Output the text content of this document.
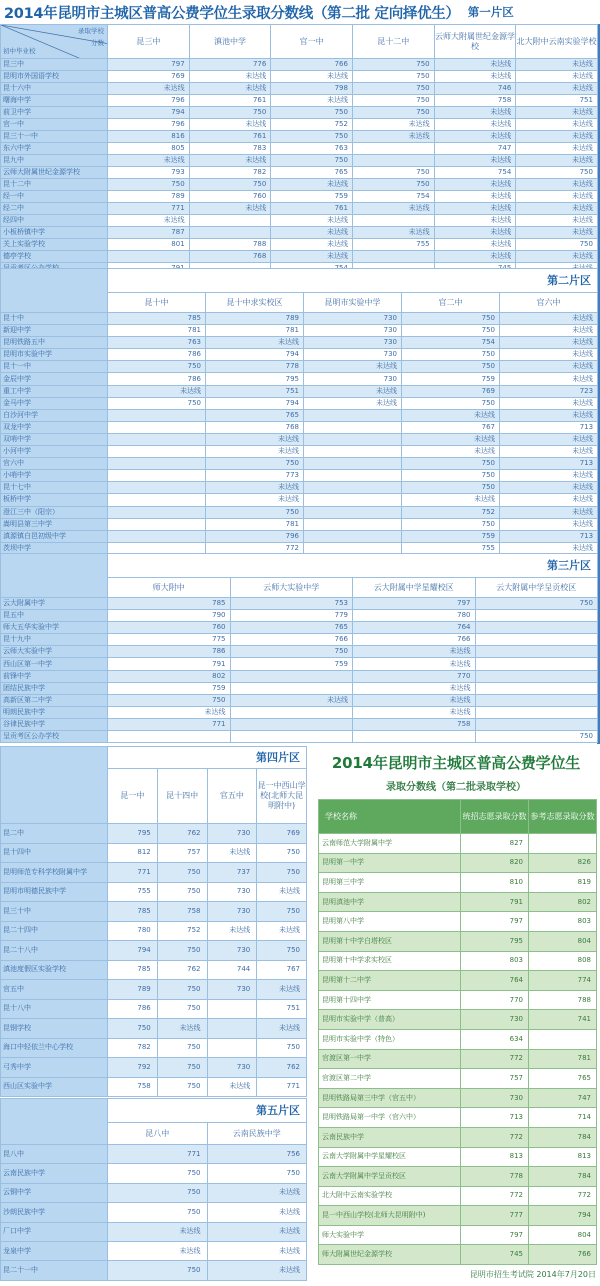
2014年昆明市主城区普高公费学位生录取分数线（第二批 定向择优生） 第一片区
录取学校
分数
初中毕业校	昆三中	滇池中学	官一中	昆十二中	云师大附属世纪金源学校	北大附中云南实验学校
昆三中	797	776	766	750	未达线	未达线
昆明市外国语学校	769	未达线	未达线	750	未达线	未达线
昆十六中	未达线	未达线	798	750	746	未达线
曙海中学	796	761	未达线	750	758	751
前卫中学	794	750	750	750	未达线	未达线
官一中	796	未达线	752	未达线	未达线	未达线
昆三十一中	816	761	750	未达线	未达线	未达线
东六中学	805	783	763		747	未达线
昆九中	未达线	未达线	750		未达线	未达线
云师大附属世纪金源学校	793	782	765	750	754	750
昆十二中	750	750	未达线	750	未达线	未达线
经一中	789	760	759	754	未达线	未达线
经二中	771	未达线	761	未达线	未达线	未达线
经四中	未达线		未达线		未达线	未达线
小板桥镇中学	787		未达线	未达线	未达线	未达线
关上实验学校	801	788	未达线	755	未达线	750
德亭学校		768	未达线		未达线	未达线

	第二片区				
	昆十中	昆十中求实校区	昆明市实验中学	官二中	官六中
昆十中	785	789	730	750	未达线
新迎中学	781	781	730	750	未达线
昆明铁路五中	763	未达线	730	754	未达线
昆明市实验中学	786	794	730	750	未达线
昆十一中	750	778	未达线	750	未达线
金辰中学	786	795	730	759	未达线
重工中学	未达线	751	未达线	769	723
金马中学	750	794	未达线	750	未达线
白沙河中学		765		未达线	未达线
双龙中学		768		767	713
双哨中学		未达线		未达线	未达线
小河中学		未达线		未达线	未达线
官六中		750		750	713
小哨中学		773		750	未达线
昆十七中		未达线		750	未达线
板桥中学		未达线		未达线	未达线
澄江三中（阳宗）		750		752	未达线
嵩明县第三中学		781		750	未达线
滇源镇白邑初级中学		796		759	713
茨坝中学		772		755	未达线
	第三片区			
	师大附中	云师大实验中学	云大附属中学星耀校区	云大附属中学呈贡校区
云大附属中学	785	753	797	750
昆五中	790	779	780	
师大五华实验中学	760	765	764	
昆十九中	775	766	766	
云师大实验中学	786	750	未达线	
西山区第一中学	791	759	未达线	
前锋中学	802		770	
团结民族中学	759		未达线	
高新区第二中学	750	未达线	未达线	
明朗民族中学	未达线		未达线	
谷律民族中学	771		758	
呈贡考区公办学校				750
	第四片区			
	昆一中	昆十四中	官五中	昆一中西山学校(北师大昆明附中)
昆二中	795	762	730	769
昆十四中	812	757	未达线	750
昆明师范专科学校附属中学	771	750	737	750
昆明市明德民族中学	755	750	730	未达线
昆三十中	785	758	730	750
昆二十四中	780	752	未达线	未达线
昆二十八中	794	750	730	750
滇池度假区实验学校	785	762	744	767
官五中	789	750	730	未达线
昆十八中	786	750		751
昆钢学校	750	未达线		未达线
海口中轻依兰中心学校	782	750		750
弓秀中学	792	750	730	762
西山区实验中学	758	750	未达线	771
	第五片区	
	昆八中	云南民族中学
昆八中	771	756
云南民族中学	750	750
云铜中学	750	未达线
沙朗民族中学	750	未达线
厂口中学	未达线	未达线
龙泉中学	未达线	未达线
昆二十一中	750	未达线
2014年昆明市主城区普高公费学位生
录取分数线（第二批录取学校）
学校名称	统招志愿录取分数	参考志愿录取分数
云南师范大学附属中学	827	
昆明第一中学	820	826
昆明第三中学	810	819
昆明滇池中学	791	802
昆明第八中学	797	803
昆明第十中学白塔校区	795	804
昆明第十中学求实校区	803	808
昆明第十二中学	764	774
昆明第十四中学	770	788
昆明市实验中学（普高）	730	741
昆明市实验中学（特色）	634	
官渡区第一中学	772	781
官渡区第二中学	757	765
昆明铁路局第三中学（官五中）	730	747
昆明铁路局第一中学（官六中）	713	714
云南民族中学	772	784
云南大学附属中学星耀校区	813	813
云南大学附属中学呈贡校区	778	784
北大附中云南实验学校	772	772
昆一中西山学校(北师大昆明附中)	777	794
师大实验中学	797	804
师大附属世纪金源学校	745	766
昆明市招生考试院 2014年7月20日
